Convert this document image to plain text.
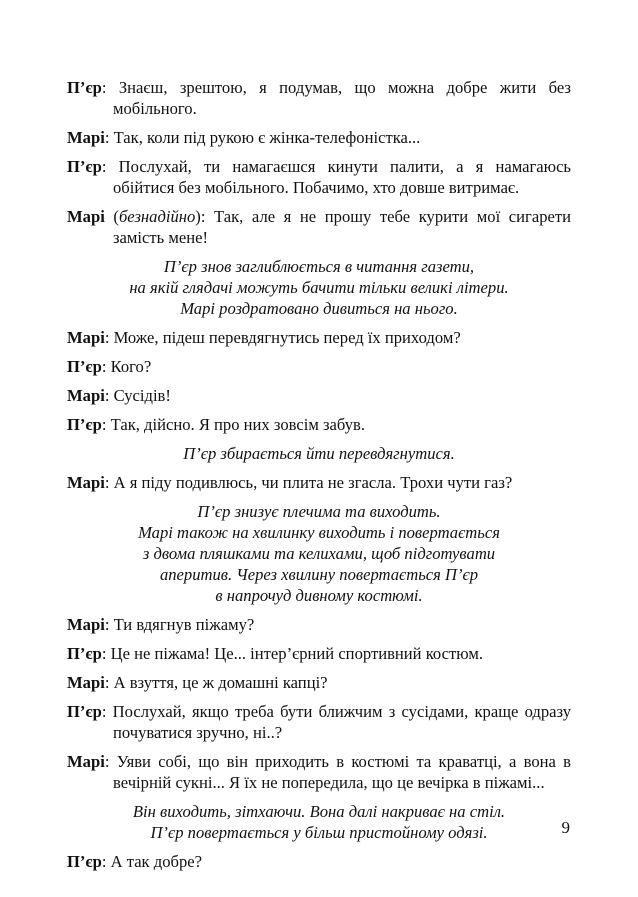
П’єр: Знаєш, зрештою, я подумав, що можна добре жити без мобільного.

Марі: Так, коли під рукою є жінка-телефоністка...

П’єр: Послухай, ти намагаєшся кинути палити, а я намагаюсь обійтися без мобільного. Побачимо, хто довше витримає.

Марі (безнадійно): Так, але я не прошу тебе курити мої сигарети замість мене!

П’єр знов заглиблюється в читання газети,
на якій глядачі можуть бачити тільки великі літери.
Марі роздратовано дивиться на нього.

Марі: Може, підеш перевдягнутись перед їх приходом?

П’єр: Кого?

Марі: Сусідів!

П’єр: Так, дійсно. Я про них зовсім забув.

П’єр збирається йти перевдягнутися.

Марі: А я піду подивлюсь, чи плита не згасла. Трохи чути газ?

П’єр знизує плечима та виходить.
Марі також на хвилинку виходить і повертається
з двома пляшками та келихами, щоб підготувати
аперитив. Через хвилину повертається П’єр
в напрочуд дивному костюмі.

Марі: Ти вдягнув піжаму?

П’єр: Це не піжама! Це... інтер’єрний спортивний костюм.

Марі: А взуття, це ж домашні капці?

П’єр: Послухай, якщо треба бути ближчим з сусідами, краще одразу почуватися зручно, ні..?

Марі: Уяви собі, що він приходить в костюмі та краватці, а вона в вечірній сукні... Я їх не попередила, що це вечірка в піжамі...

Він виходить, зітхаючи. Вона далі накриває на стіл.
П’єр повертається у більш пристойному одязі.

П’єр: А так добре?

9
